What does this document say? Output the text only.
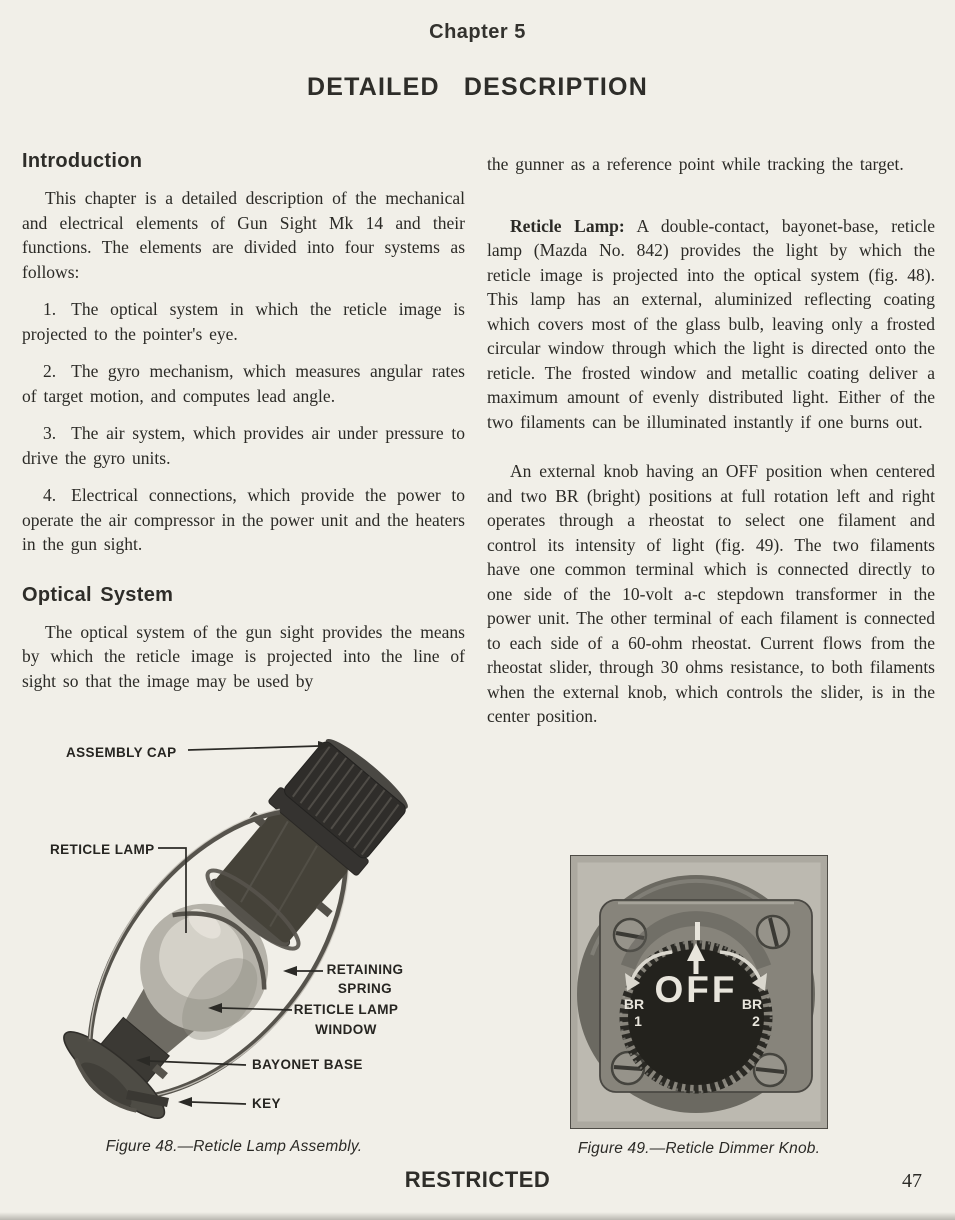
Chapter 5
DETAILED DESCRIPTION
Introduction

This chapter is a detailed description of the mechanical and electrical elements of Gun Sight Mk 14 and their functions. The elements are divided into four systems as follows:

1. The optical system in which the reticle image is projected to the pointer's eye.

2. The gyro mechanism, which measures angular rates of target motion, and computes lead angle.

3. The air system, which provides air under pressure to drive the gyro units.

4. Electrical connections, which provide the power to operate the air compressor in the power unit and the heaters in the gun sight.

Optical System

The optical system of the gun sight provides the means by which the reticle image is projected into the line of sight so that the image may be used by

the gunner as a reference point while tracking the target.

Reticle Lamp: A double-contact, bayonet-base, reticle lamp (Mazda No. 842) provides the light by which the reticle image is projected into the optical system (fig. 48). This lamp has an external, aluminized reflecting coating which covers most of the glass bulb, leaving only a frosted circular window through which the light is directed onto the reticle. The frosted window and metallic coating deliver a maximum amount of evenly distributed light. Either of the two filaments can be illuminated instantly if one burns out.

An external knob having an OFF position when centered and two BR (bright) positions at full rotation left and right operates through a rheostat to select one filament and control its intensity of light (fig. 49). The two filaments have one common terminal which is connected directly to one side of the 10-volt a-c stepdown transformer in the power unit. The other terminal of each filament is connected to each side of a 60-ohm rheostat. Current flows from the rheostat slider, through 30 ohms resistance, to both filaments when the external knob, which controls the slider, is in the center position.

ASSEMBLY CAP
RETICLE LAMP
RETAINING
SPRING
RETICLE LAMP
WINDOW
BAYONET BASE
KEY
Figure 48.—Reticle Lamp Assembly.
OFF
BR
1
BR
2
Figure 49.—Reticle Dimmer Knob.
RESTRICTED	47
